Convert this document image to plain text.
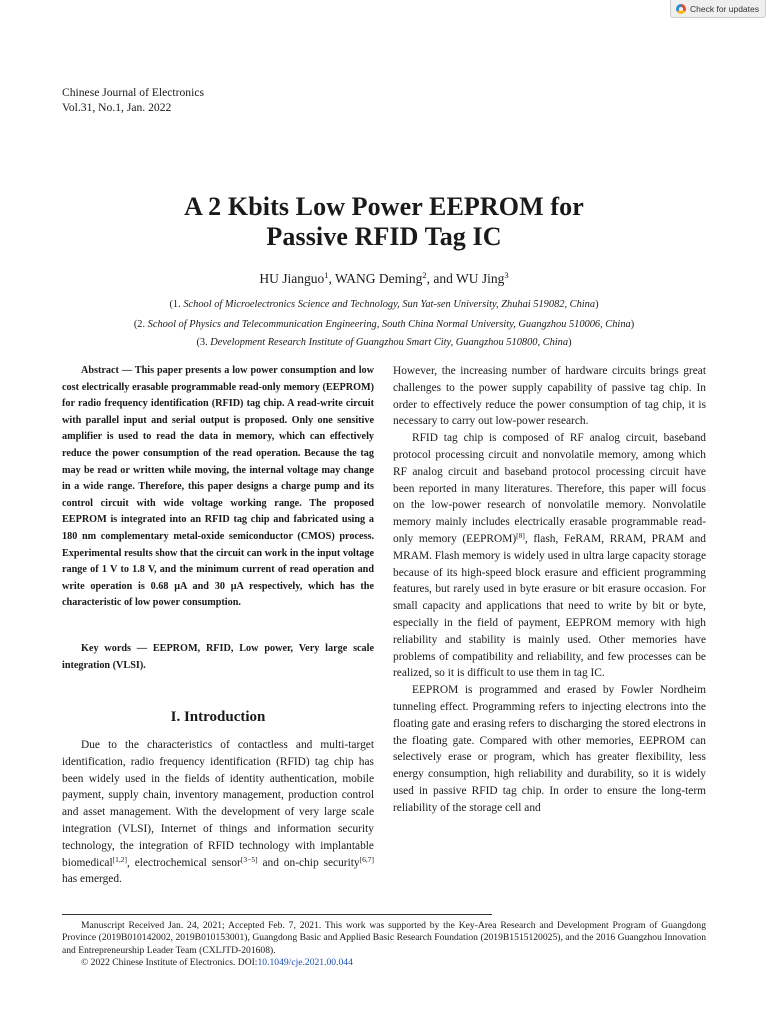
Check for updates
Chinese Journal of Electronics
Vol.31, No.1, Jan. 2022
A 2 Kbits Low Power EEPROM for
Passive RFID Tag IC
HU Jianguo$^1$, WANG Deming$^2$, and WU Jing$^3$
(1. School of Microelectronics Science and Technology, Sun Yat-sen University, Zhuhai 519082, China)
(2. School of Physics and Telecommunication Engineering, South China Normal University, Guangzhou 510006, China)
(3. Development Research Institute of Guangzhou Smart City, Guangzhou 510800, China)

Abstract — This paper presents a low power consumption and low cost electrically erasable programmable read-only memory (EEPROM) for radio frequency identification (RFID) tag chip. A read-write circuit with parallel input and serial output is proposed. Only one sensitive amplifier is used to read the data in memory, which can effectively reduce the power consumption of the read operation. Because the tag may be read or written while moving, the internal voltage may change in a wide range. Therefore, this paper designs a charge pump and its control circuit with wide voltage working range. The proposed EEPROM is integrated into an RFID tag chip and fabricated using a 180 nm complementary metal-oxide semiconductor (CMOS) process. Experimental results show that the circuit can work in the input voltage range of 1 V to 1.8 V, and the minimum current of read operation and write operation is 0.68 μA and 30 μA respectively, which has the characteristic of low power consumption.

Key words — EEPROM, RFID, Low power, Very large scale integration (VLSI).

I. Introduction

Due to the characteristics of contactless and multi-target identification, radio frequency identification (RFID) tag chip has been widely used in the fields of identity authentication, mobile payment, supply chain, inventory management, production control and asset management. With the development of very large scale integration (VLSI), Internet of things and information security technology, the integration of RFID technology with implantable biomedical[1,2], electrochemical sensor[3−5] and on-chip security[6,7] has emerged.

However, the increasing number of hardware circuits brings great challenges to the power supply capability of passive tag chip. In order to effectively reduce the power consumption of tag chip, it is necessary to carry out low-power research.

RFID tag chip is composed of RF analog circuit, baseband protocol processing circuit and nonvolatile memory, among which RF analog circuit and baseband protocol processing circuit have been reported in many literatures. Therefore, this paper will focus on the low-power research of nonvolatile memory. Nonvolatile memory mainly includes electrically erasable programmable read-only memory (EEPROM)[8], flash, FeRAM, RRAM, PRAM and MRAM. Flash memory is widely used in ultra large capacity storage because of its high-speed block erasure and efficient programming features, but rarely used in byte erasure or bit erasure occasion. For small capacity and applications that need to write by bit or byte, especially in the field of payment, EEPROM memory with high reliability and stability is mainly used. Other memories have problems of compatibility and reliability, and few processes can be realized, so it is difficult to use them in tag IC.

EEPROM is programmed and erased by Fowler Nordheim tunneling effect. Programming refers to injecting electrons into the floating gate and erasing refers to discharging the stored electrons in the floating gate. Compared with other memories, EEPROM can selectively erase or program, which has greater flexibility, less energy consumption, high reliability and durability, so it is widely used in passive RFID tag chip. In order to ensure the long-term reliability of the storage cell and

Manuscript Received Jan. 24, 2021; Accepted Feb. 7, 2021. This work was supported by the Key-Area Research and Development Program of Guangdong Province (2019B010142002, 2019B010153001), Guangdong Basic and Applied Basic Research Foundation (2019B1515120025), and the 2016 Guangzhou Innovation and Entrepreneurship Leader Team (CXLJTD-201608).

© 2022 Chinese Institute of Electronics. DOI:10.1049/cje.2021.00.044
